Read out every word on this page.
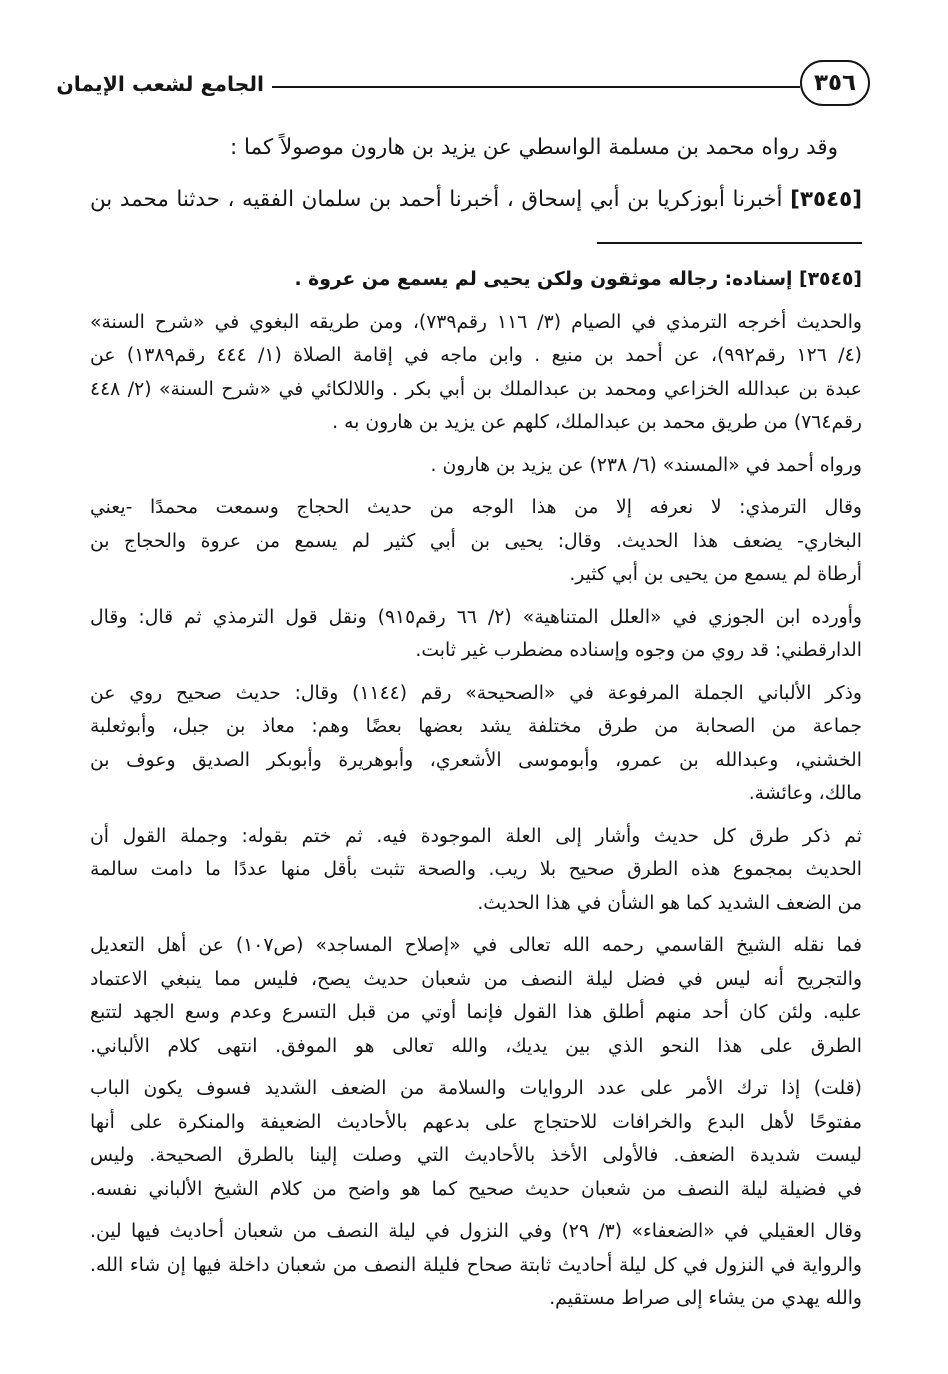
٣٥٦
الجامع لشعب الإيمان
وقد رواه محمد بن مسلمة الواسطي عن يزيد بن هارون موصولاً كما :
[٣٥٤٥] أخبرنا أبوزكريا بن أبي إسحاق ، أخبرنا أحمد بن سلمان الفقيه ، حدثنا محمد بن
[٣٥٤٥] إسناده: رجاله موثقون ولكن يحيى لم يسمع من عروة .
والحديث أخرجه الترمذي في الصيام (٣/ ١١٦ رقم٧٣٩)، ومن طريقه البغوي في «شرح السنة»
(٤/ ١٢٦ رقم٩٩٢)، عن أحمد بن منيع . وابن ماجه في إقامة الصلاة (١/ ٤٤٤ رقم١٣٨٩) عن
عبدة بن عبدالله الخزاعي ومحمد بن عبدالملك بن أبي بكر . واللالكائي في «شرح السنة» (٢/ ٤٤٨
رقم٧٦٤) من طريق محمد بن عبدالملك، كلهم عن يزيد بن هارون به .
ورواه أحمد في «المسند» (٦/ ٢٣٨) عن يزيد بن هارون .
وقال الترمذي: لا نعرفه إلا من هذا الوجه من حديث الحجاج وسمعت محمدًا -يعني
البخاري- يضعف هذا الحديث. وقال: يحيى بن أبي كثير لم يسمع من عروة والحجاج بن
أرطاة لم يسمع من يحيى بن أبي كثير.
وأورده ابن الجوزي في «العلل المتناهية» (٢/ ٦٦ رقم٩١٥) ونقل قول الترمذي ثم قال: وقال
الدارقطني: قد روي من وجوه وإسناده مضطرب غير ثابت.
وذكر الألباني الجملة المرفوعة في «الصحيحة» رقم (١١٤٤) وقال: حديث صحيح روي عن
جماعة من الصحابة من طرق مختلفة يشد بعضها بعضًا وهم: معاذ بن جبل، وأبوثعلبة
الخشني، وعبدالله بن عمرو، وأبوموسى الأشعري، وأبوهريرة وأبوبكر الصديق وعوف بن
مالك، وعائشة.
ثم ذكر طرق كل حديث وأشار إلى العلة الموجودة فيه. ثم ختم بقوله: وجملة القول أن
الحديث بمجموع هذه الطرق صحيح بلا ريب. والصحة تثبت بأقل منها عددًا ما دامت سالمة
من الضعف الشديد كما هو الشأن في هذا الحديث.
فما نقله الشيخ القاسمي رحمه الله تعالى في «إصلاح المساجد» (ص١٠٧) عن أهل التعديل
والتجريح أنه ليس في فضل ليلة النصف من شعبان حديث يصح، فليس مما ينبغي الاعتماد
عليه. ولئن كان أحد منهم أطلق هذا القول فإنما أوتي من قبل التسرع وعدم وسع الجهد لتتبع
الطرق على هذا النحو الذي بين يديك، والله تعالى هو الموفق. انتهى كلام الألباني.
(قلت) إذا ترك الأمر على عدد الروايات والسلامة من الضعف الشديد فسوف يكون الباب
مفتوحًا لأهل البدع والخرافات للاحتجاج على بدعهم بالأحاديث الضعيفة والمنكرة على أنها
ليست شديدة الضعف. فالأولى الأخذ بالأحاديث التي وصلت إلينا بالطرق الصحيحة. وليس
في فضيلة ليلة النصف من شعبان حديث صحيح كما هو واضح من كلام الشيخ الألباني نفسه.
وقال العقيلي في «الضعفاء» (٣/ ٢٩) وفي النزول في ليلة النصف من شعبان أحاديث فيها لين.
والرواية في النزول في كل ليلة أحاديث ثابتة صحاح فليلة النصف من شعبان داخلة فيها إن شاء الله.
والله يهدي من يشاء إلى صراط مستقيم.
